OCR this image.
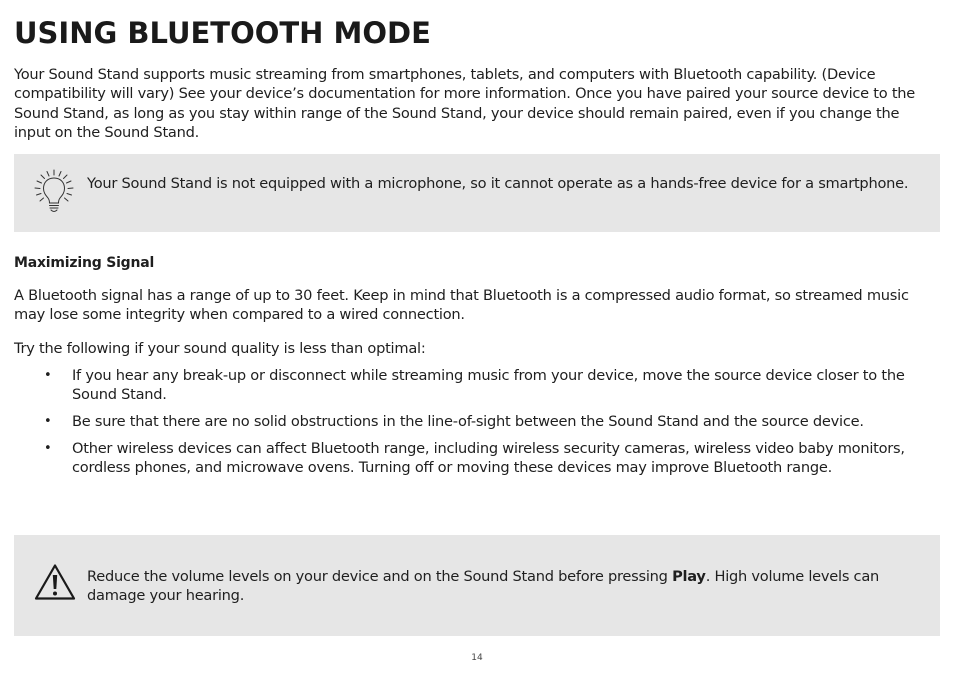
USING BLUETOOTH MODE

Your Sound Stand supports music streaming from smartphones, tablets, and computers with Bluetooth capability. (Device compatibility will vary) See your device’s documentation for more information. Once you have paired your source device to the Sound Stand, as long as you stay within range of the Sound Stand, your device should remain paired, even if you change the input on the Sound Stand.

Your Sound Stand is not equipped with a microphone, so it cannot operate as a hands-free device for a smartphone.

Maximizing Signal

A Bluetooth signal has a range of up to 30 feet. Keep in mind that Bluetooth is a compressed audio format, so streamed music may lose some integrity when compared to a wired connection.

Try the following if your sound quality is less than optimal:

• If you hear any break-up or disconnect while streaming music from your device, move the source device closer to the Sound Stand.
• Be sure that there are no solid obstructions in the line-of-sight between the Sound Stand and the source device.
• Other wireless devices can affect Bluetooth range, including wireless security cameras, wireless video baby monitors, cordless phones, and microwave ovens. Turning off or moving these devices may improve Bluetooth range.

Reduce the volume levels on your device and on the Sound Stand before pressing Play. High volume levels can damage your hearing.

14
